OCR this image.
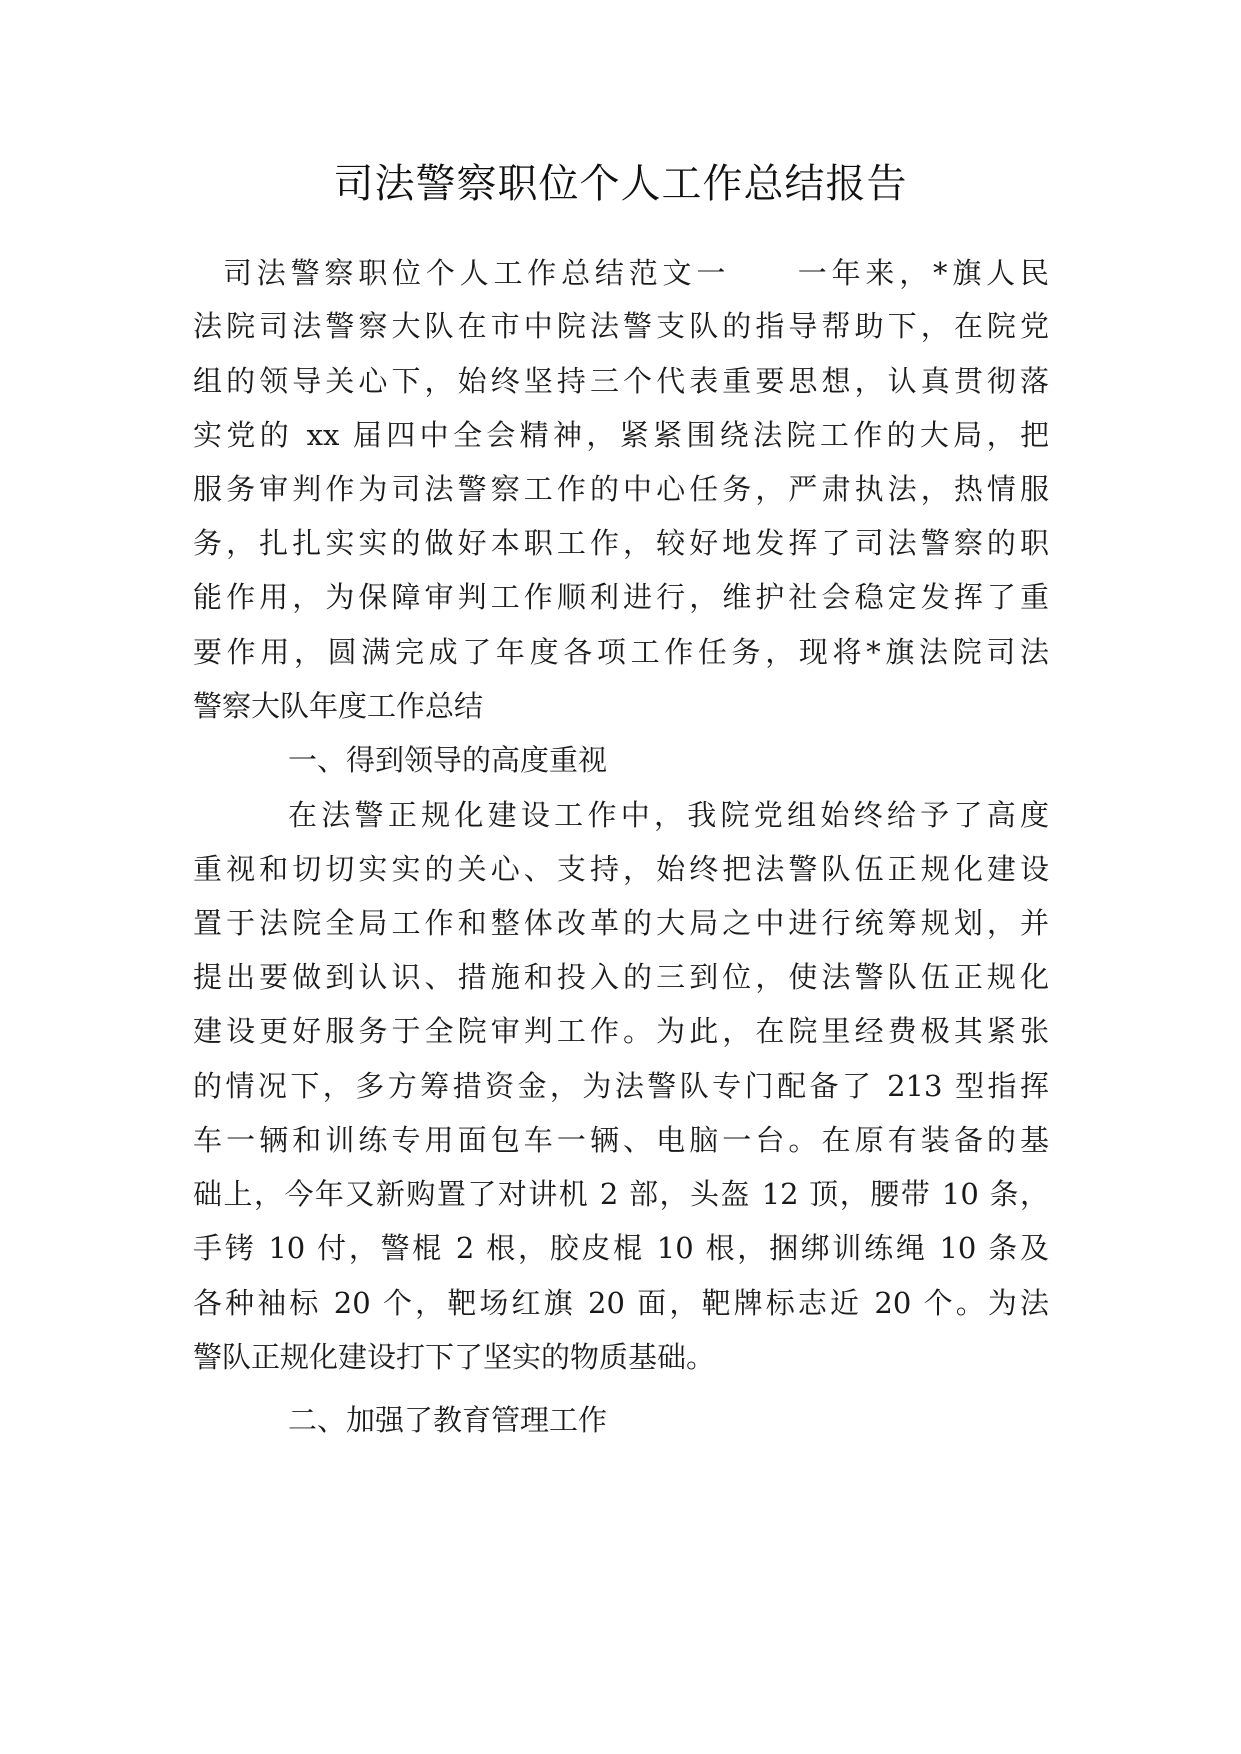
司法警察职位个人工作总结报告

司法警察职位个人工作总结范文一　　一年来，*旗人民

法院司法警察大队在市中院法警支队的指导帮助下，在院党

组的领导关心下，始终坚持三个代表重要思想，认真贯彻落

实党的 xx 届四中全会精神，紧紧围绕法院工作的大局，把

服务审判作为司法警察工作的中心任务，严肃执法，热情服

务，扎扎实实的做好本职工作，较好地发挥了司法警察的职

能作用，为保障审判工作顺利进行，维护社会稳定发挥了重

要作用，圆满完成了年度各项工作任务，现将*旗法院司法

警察大队年度工作总结

一、得到领导的高度重视

在法警正规化建设工作中，我院党组始终给予了高度

重视和切切实实的关心、支持，始终把法警队伍正规化建设

置于法院全局工作和整体改革的大局之中进行统筹规划，并

提出要做到认识、措施和投入的三到位，使法警队伍正规化

建设更好服务于全院审判工作。为此，在院里经费极其紧张

的情况下，多方筹措资金，为法警队专门配备了 213 型指挥

车一辆和训练专用面包车一辆、电脑一台。在原有装备的基

础上，今年又新购置了对讲机 2 部，头盔 12 顶，腰带 10 条，

手铐 10 付，警棍 2 根，胶皮棍 10 根，捆绑训练绳 10 条及

各种袖标 20 个，靶场红旗 20 面，靶牌标志近 20 个。为法

警队正规化建设打下了坚实的物质基础。

二、加强了教育管理工作
